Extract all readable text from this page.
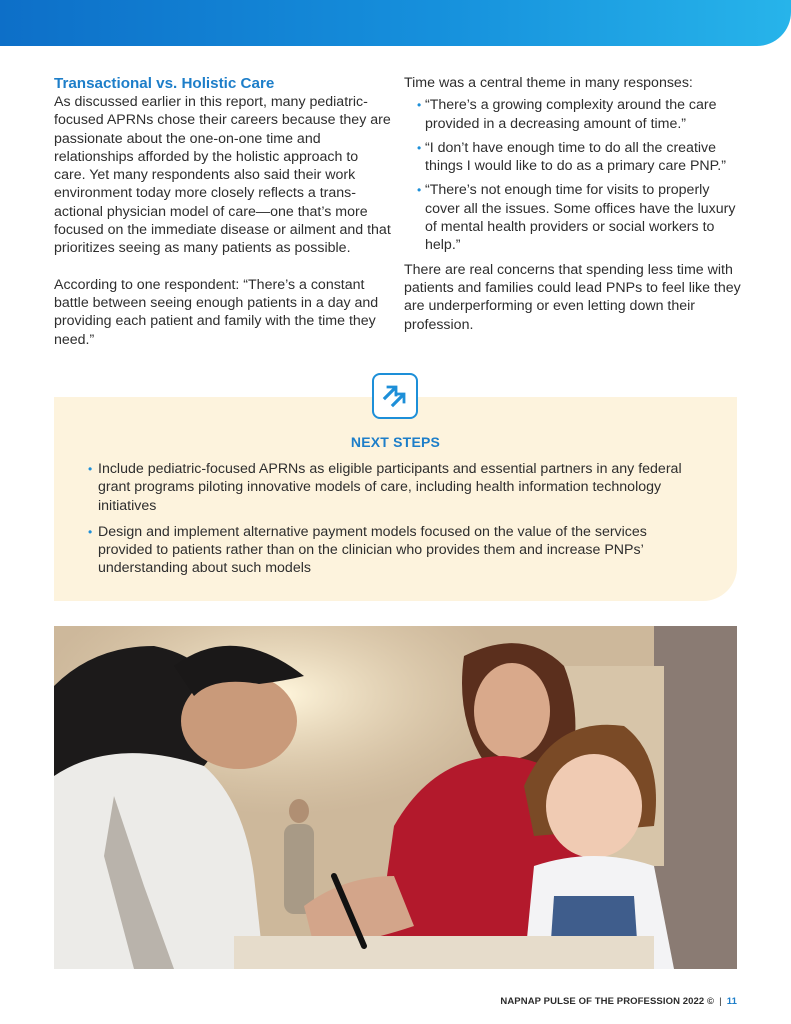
Transactional vs. Holistic Care

As discussed earlier in this report, many pediatric-focused APRNs chose their careers because they are passionate about the one-on-one time and relationships afforded by the holistic approach to care. Yet many respondents also said their work environment today more closely reflects a trans-actional physician model of care—one that’s more focused on the immediate disease or ailment and that prioritizes seeing as many patients as possible.

According to one respondent: “There’s a constant battle between seeing enough patients in a day and providing each patient and family with the time they need.”

Time was a central theme in many responses:

• “There’s a growing complexity around the care provided in a decreasing amount of time.”
• “I don’t have enough time to do all the creative things I would like to do as a primary care PNP.”
• “There’s not enough time for visits to properly cover all the issues. Some offices have the luxury of mental health providers or social workers to help.”

There are real concerns that spending less time with patients and families could lead PNPs to feel like they are underperforming or even letting down their profession.

NEXT STEPS
• Include pediatric-focused APRNs as eligible participants and essential partners in any federal grant programs piloting innovative models of care, including health information technology initiatives
• Design and implement alternative payment models focused on the value of the services provided to patients rather than on the clinician who provides them and increase PNPs’ understanding about such models
NAPNAP PULSE OF THE PROFESSION 2022 © | 11
